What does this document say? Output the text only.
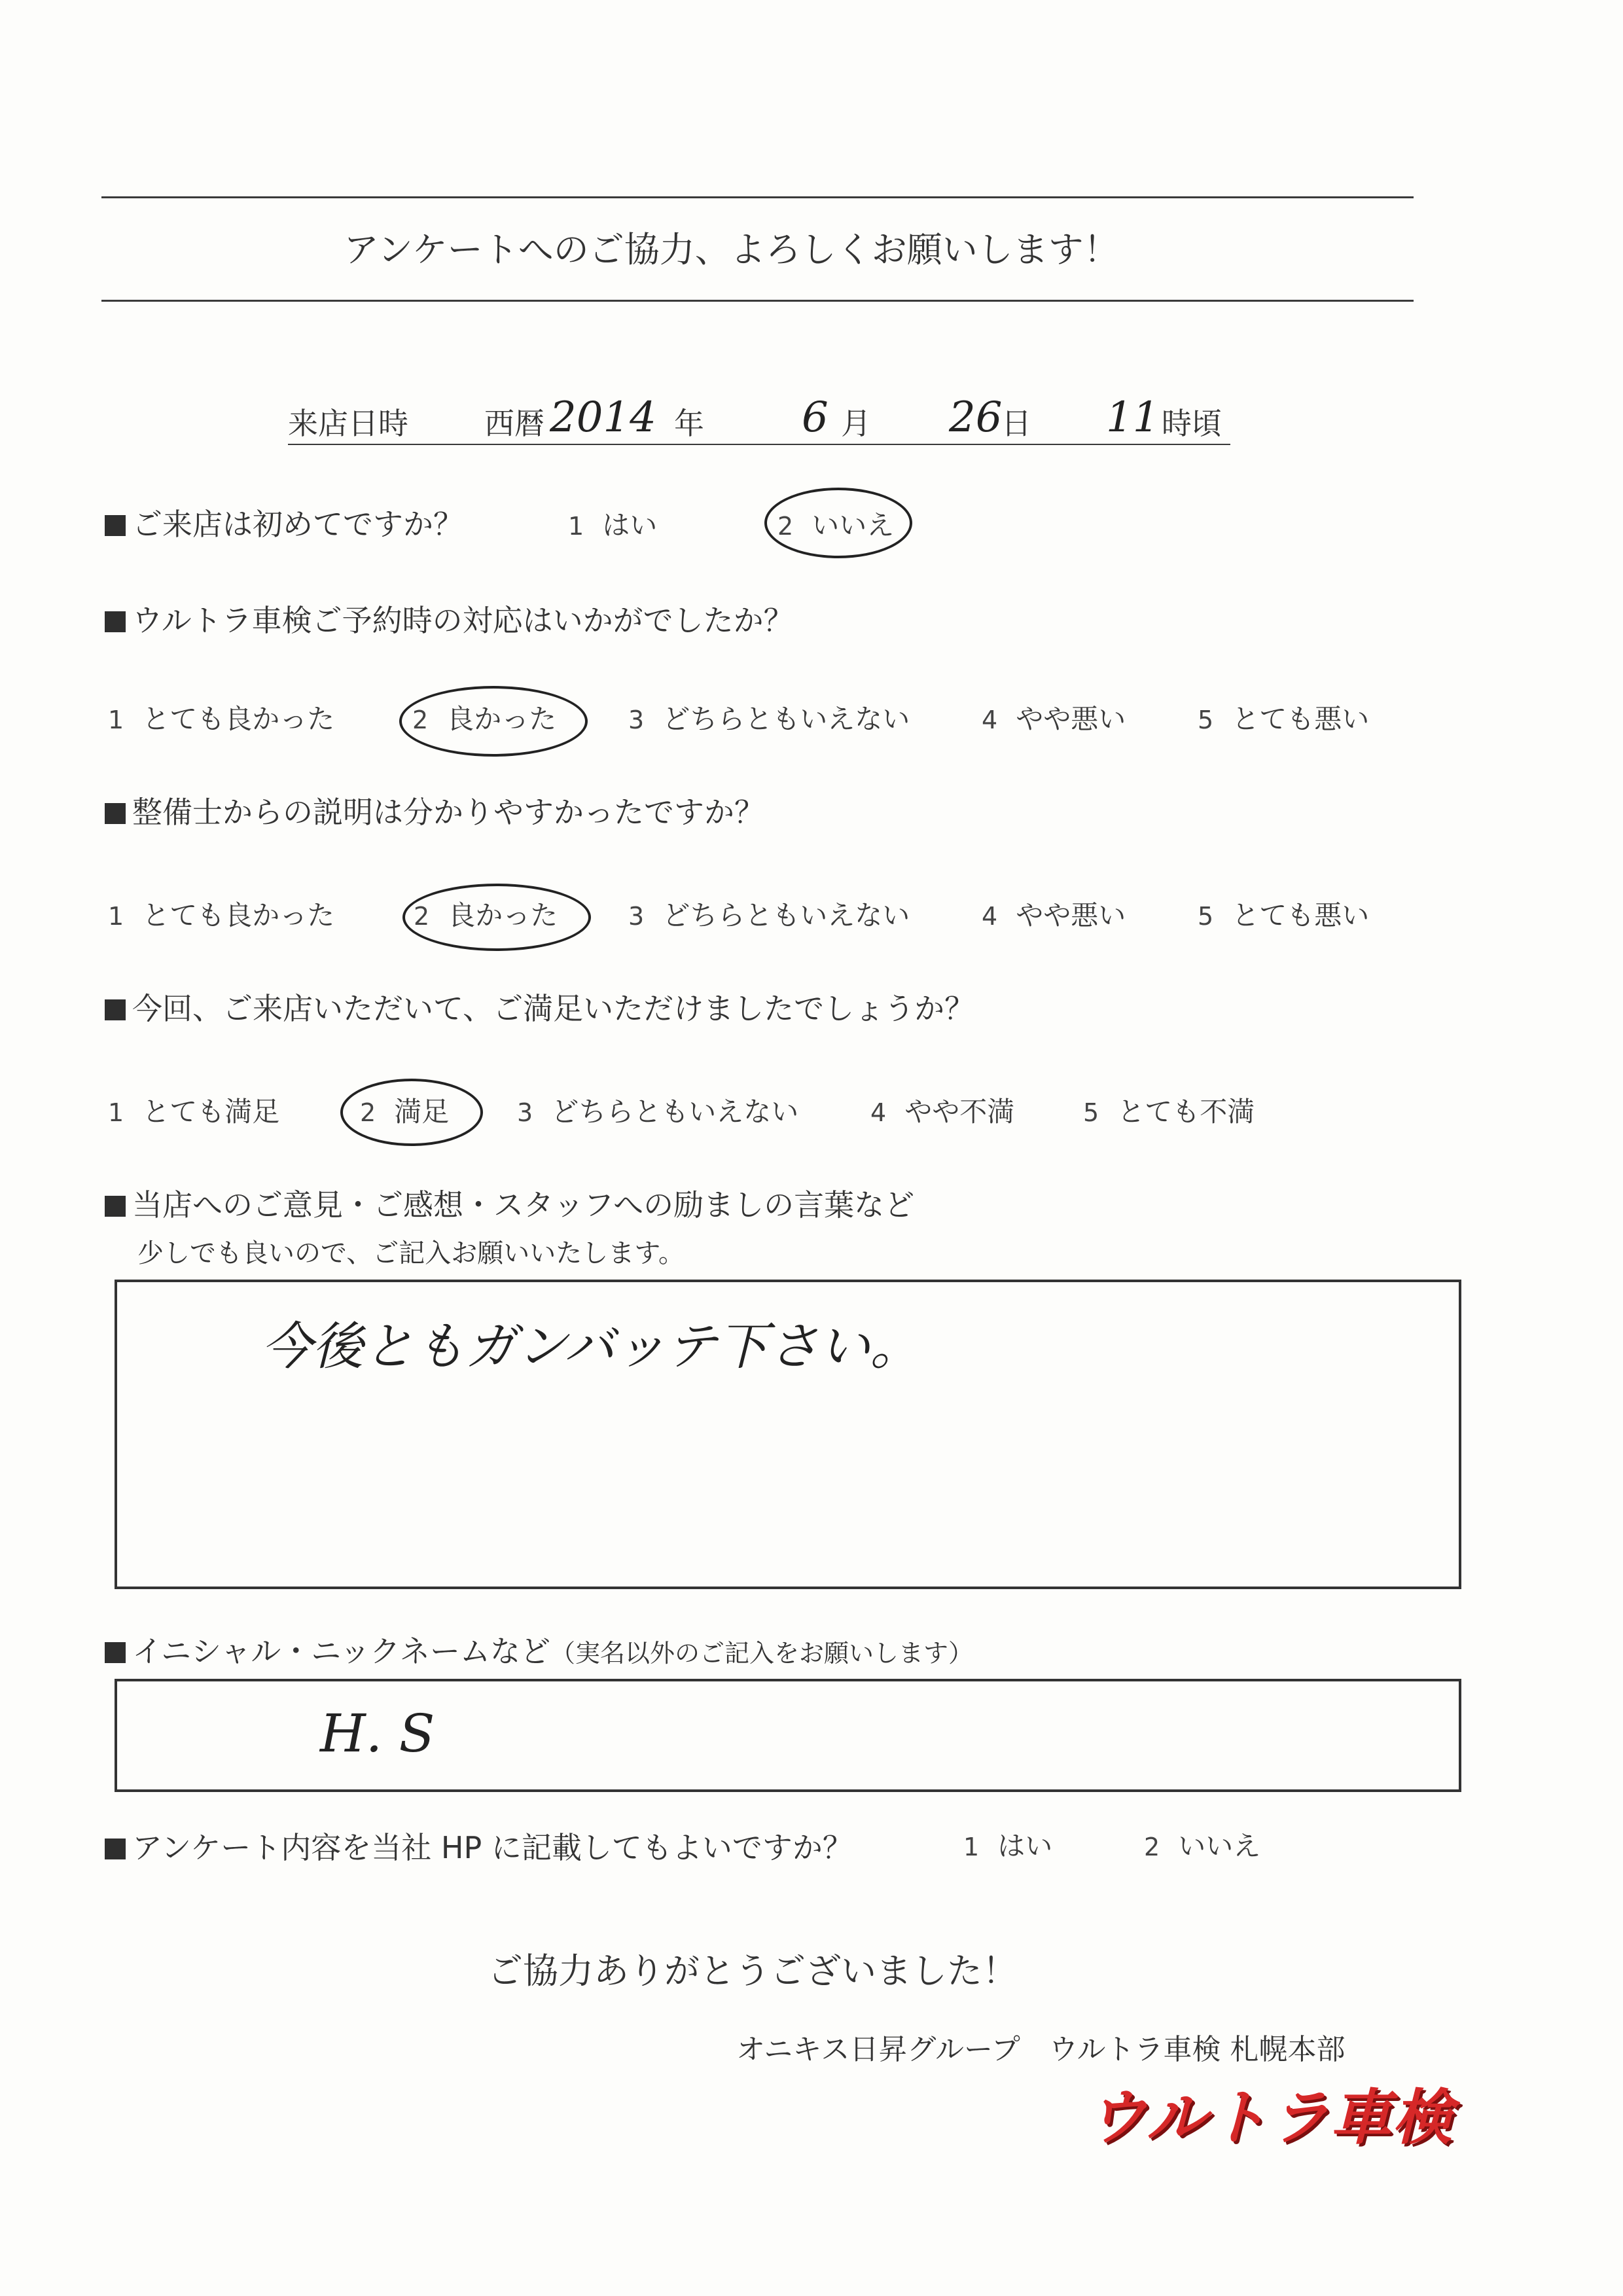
アンケートへのご協力、よろしくお願いします！
来店日時	西暦 2014 年 6 月 26
日 11 時頃
ご来店は初めてですか？	1 はい	2 いいえ
ウルトラ車検ご予約時の対応はいかがでしたか？
1 とても良かった	2 良かった	3 どちらともいえない	4 やや悪い	5 とても悪い
整備士からの説明は分かりやすかったですか？
1 とても良かった	2 良かった	3 どちらともいえない	4 やや悪い	5 とても悪い
今回、ご来店いただいて、ご満足いただけましたでしょうか？
1 とても満足	2 満足	3 どちらともいえない	4 やや不満	5 とても不満
当店へのご意見・ご感想・スタッフへの励ましの言葉など
少しでも良いので、ご記入お願いいたします。
今後ともガンバッテ下さい。
イニシャル・ニックネームなど（実名以外のご記入をお願いします）
H. S
アンケート内容を当社 HP に記載してもよいですか？	1 はい	2 いいえ
ご協力ありがとうございました！
オニキス日昇グループ　ウルトラ車検 札幌本部
ウルトラ車検
